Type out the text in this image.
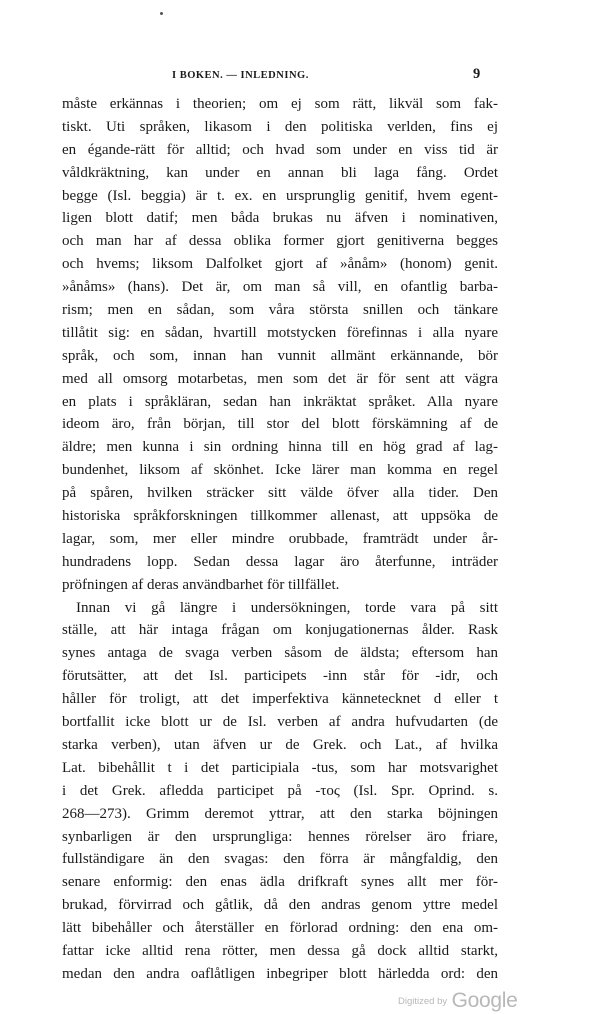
I BOKEN. — INLEDNING.	9
måste erkännas i theorien; om ej som rätt, likväl som fak-
tiskt. Uti språken, likasom i den politiska verlden, fins ej
en égande-rätt för alltid; och hvad som under en viss tid är
våldkräktning, kan under en annan bli laga fång. Ordet
begge (Isl. beggia) är t. ex. en ursprunglig genitif, hvem egent-
ligen blott datif; men båda brukas nu äfven i nominativen,
och man har af dessa oblika former gjort genitiverna begges
och hvems; liksom Dalfolket gjort af »ånåm» (honom) genit.
»ånåms» (hans). Det är, om man så vill, en ofantlig barba-
rism; men en sådan, som våra största snillen och tänkare
tillåtit sig: en sådan, hvartill motstycken förefinnas i alla nyare
språk, och som, innan han vunnit allmänt erkännande, bör
med all omsorg motarbetas, men som det är för sent att vägra
en plats i språkläran, sedan han inkräktat språket. Alla nyare
ideom äro, från början, till stor del blott förskämning af de
äldre; men kunna i sin ordning hinna till en hög grad af lag-
bundenhet, liksom af skönhet. Icke lärer man komma en regel
på spåren, hvilken sträcker sitt välde öfver alla tider. Den
historiska språkforskningen tillkommer allenast, att uppsöka de
lagar, som, mer eller mindre orubbade, framträdt under år-
hundradens lopp. Sedan dessa lagar äro återfunne, inträder
pröfningen af deras användbarhet för tillfället.
Innan vi gå längre i undersökningen, torde vara på sitt
ställe, att här intaga frågan om konjugationernas ålder. Rask
synes antaga de svaga verben såsom de äldsta; eftersom han
förutsätter, att det Isl. participets -inn står för -idr, och
håller för troligt, att det imperfektiva kännetecknet d eller t
bortfallit icke blott ur de Isl. verben af andra hufvudarten (de
starka verben), utan äfven ur de Grek. och Lat., af hvilka
Lat. bibehållit t i det participiala -tus, som har motsvarighet
i det Grek. afledda participet på -τος (Isl. Spr. Oprind. s.
268—273). Grimm deremot yttrar, att den starka böjningen
synbarligen är den ursprungliga: hennes rörelser äro friare,
fullständigare än den svagas: den förra är mångfaldig, den
senare enformig: den enas ädla drifkraft synes allt mer för-
brukad, förvirrad och gåtlik, då den andras genom yttre medel
lätt bibehåller och återställer en förlorad ordning: den ena om-
fattar icke alltid rena rötter, men dessa gå dock alltid starkt,
medan den andra oaflåtligen inbegriper blott härledda ord: den
Digitized by Google
